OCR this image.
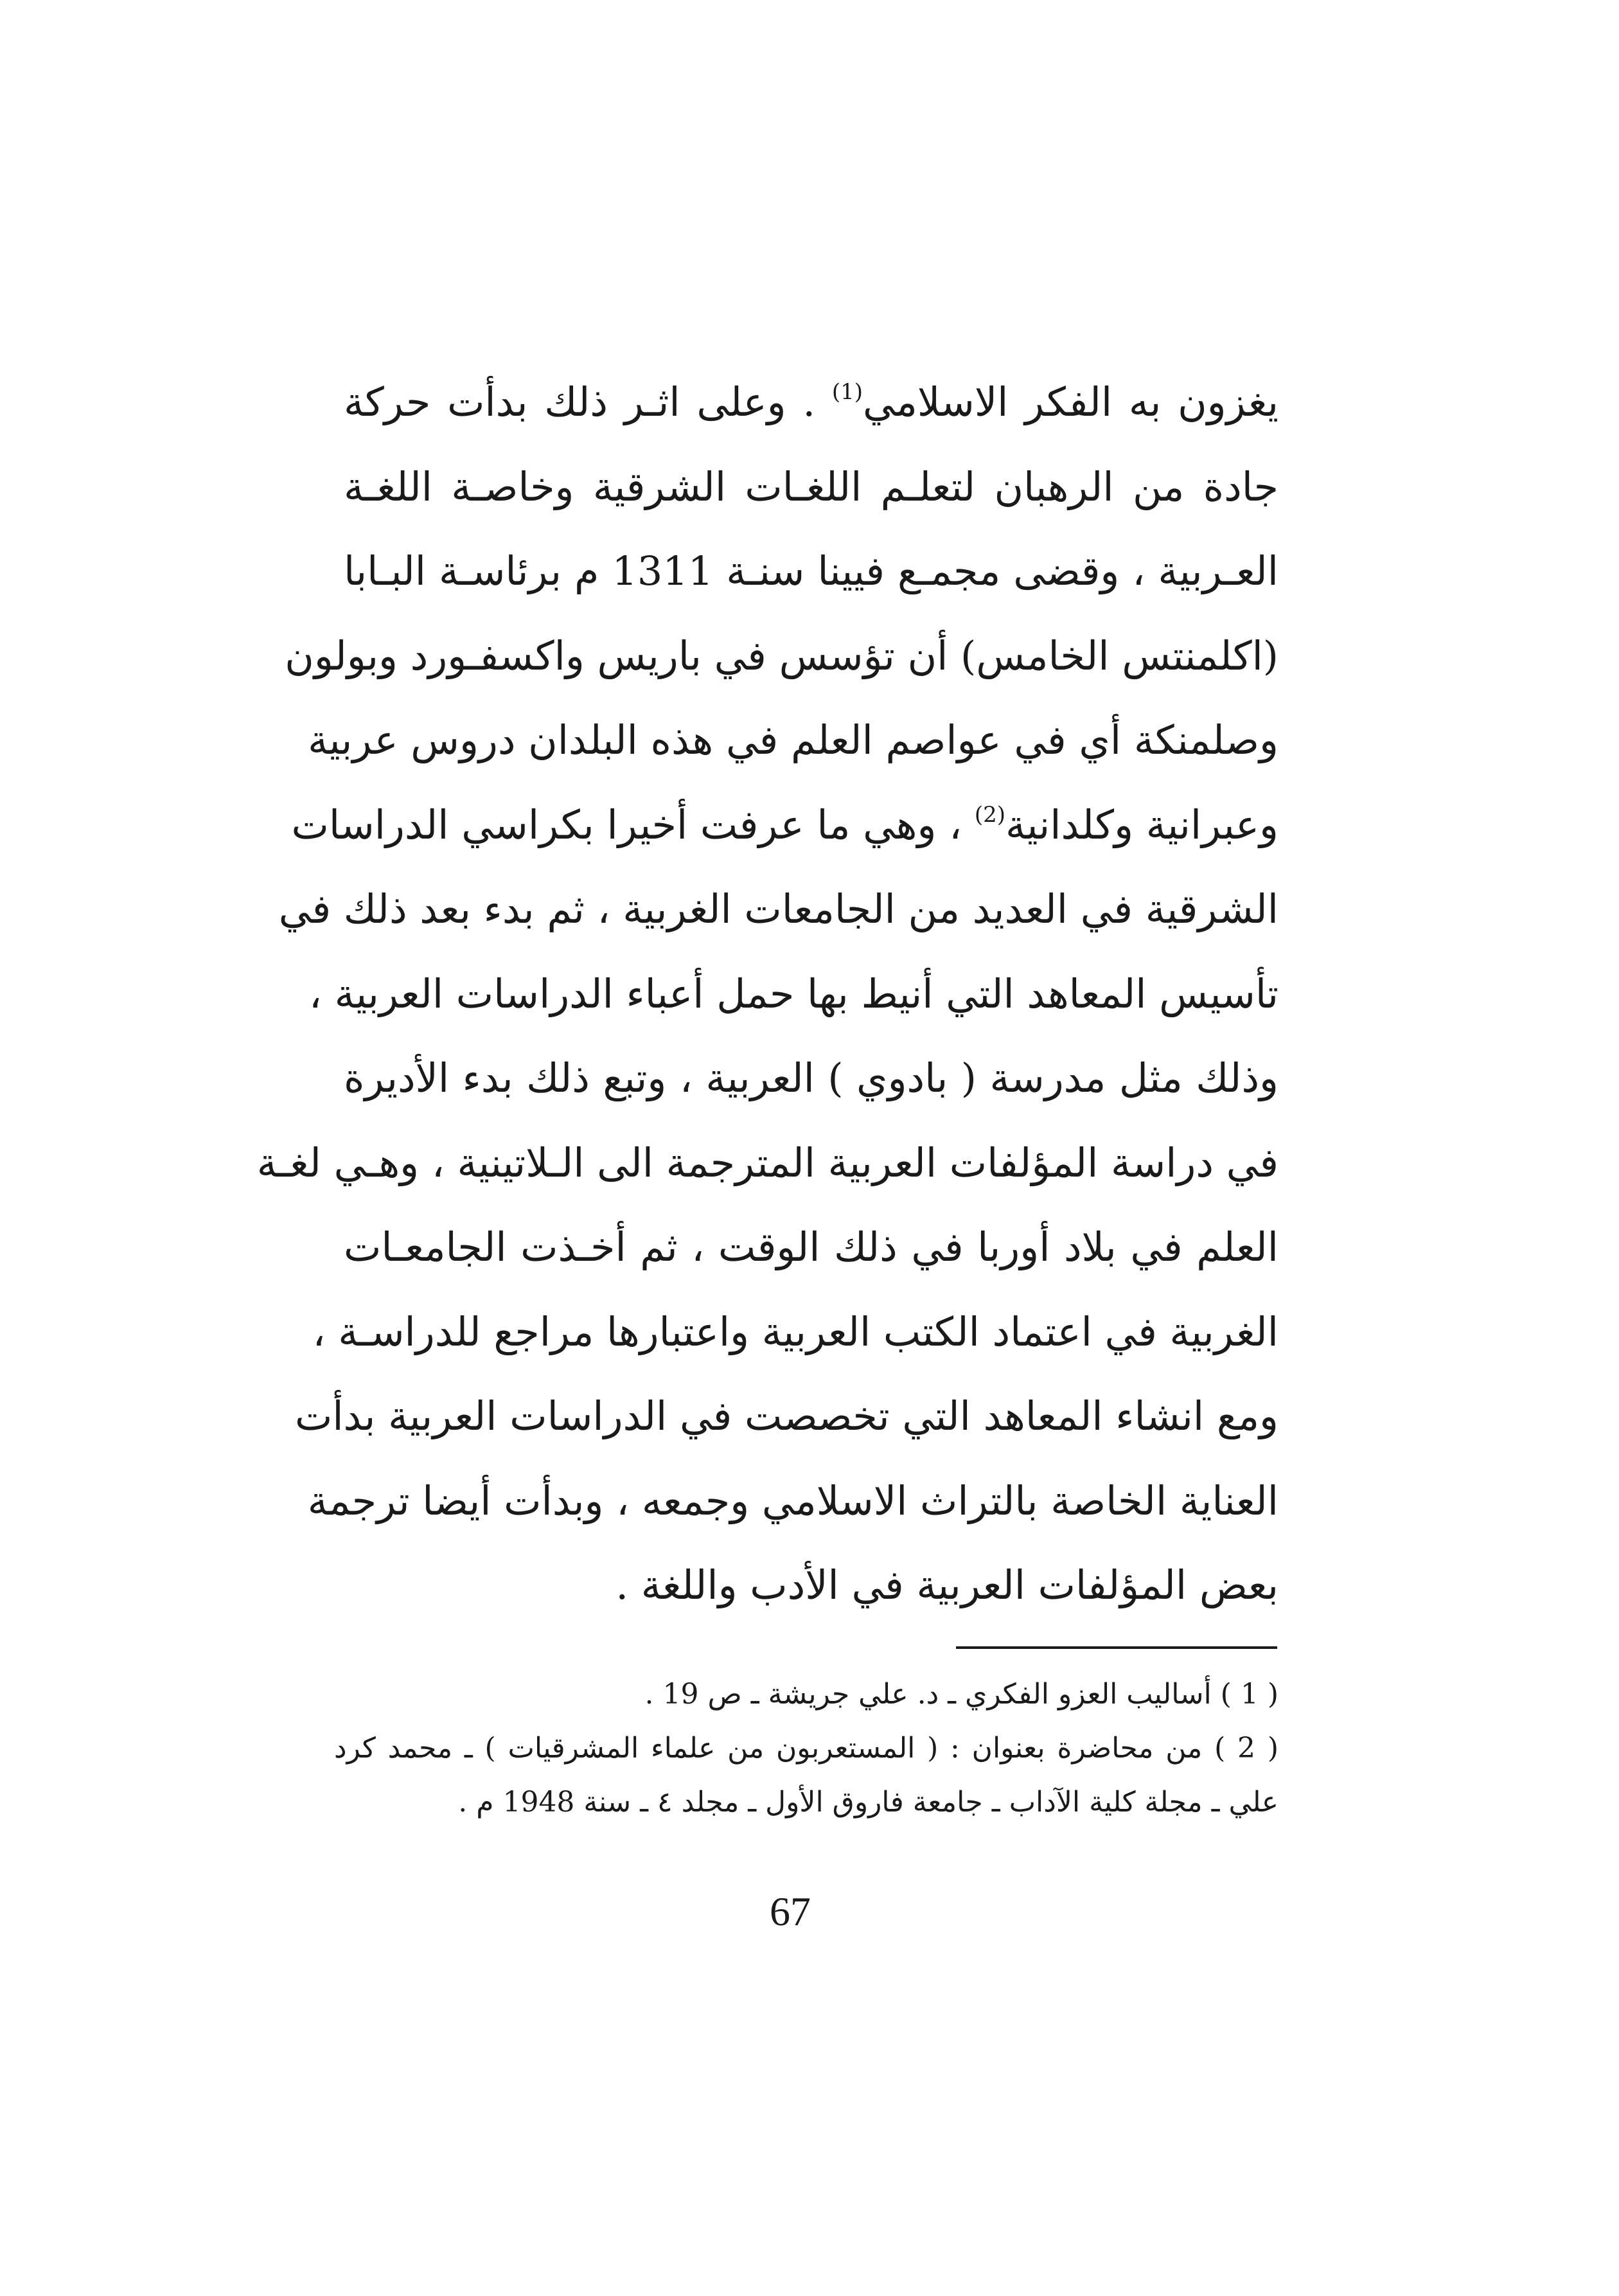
يغزون به الفكر الاسلامي$^{(1)}$ . وعلى اثـر ذلك بدأت حركة
جادة من الرهبان لتعلـم اللغـات الشرقية وخاصـة اللغـة
العـربية ، وقضى مجمـع فيينا سنـة 1311 م برئاسـة البـابا
(اكلمنتس الخامس) أن تؤسس في باريس واكسفـورد وبولون
وصلمنكة أي في عواصم العلم في هذه البلدان دروس عربية
وعبرانية وكلدانية$^{(2)}$ ، وهي ما عرفت أخيرا بكراسي الدراسات
الشرقية في العديد من الجامعات الغربية ، ثم بدء بعد ذلك في
تأسيس المعاهد التي أنيط بها حمل أعباء الدراسات العربية ،
وذلك مثل مدرسة ( بادوي ) العربية ، وتبع ذلك بدء الأديرة
في دراسة المؤلفات العربية المترجمة الى الـلاتينية ، وهـي لغـة
العلم في بلاد أوربا في ذلك الوقت ، ثم أخـذت الجامعـات
الغربية في اعتماد الكتب العربية واعتبارها مراجع للدراسـة ،
ومع انشاء المعاهد التي تخصصت في الدراسات العربية بدأت
العناية الخاصة بالتراث الاسلامي وجمعه ، وبدأت أيضا ترجمة
بعض المؤلفات العربية في الأدب واللغة .
( 1 ) أساليب العزو الفكري ـ د. علي جريشة ـ ص 19 .
( 2 ) من محاضرة بعنوان : ( المستعربون من علماء المشرقيات ) ـ محمد كرد
علي ـ مجلة كلية الآداب ـ جامعة فاروق الأول ـ مجلد ٤ ـ سنة 1948 م .
67
